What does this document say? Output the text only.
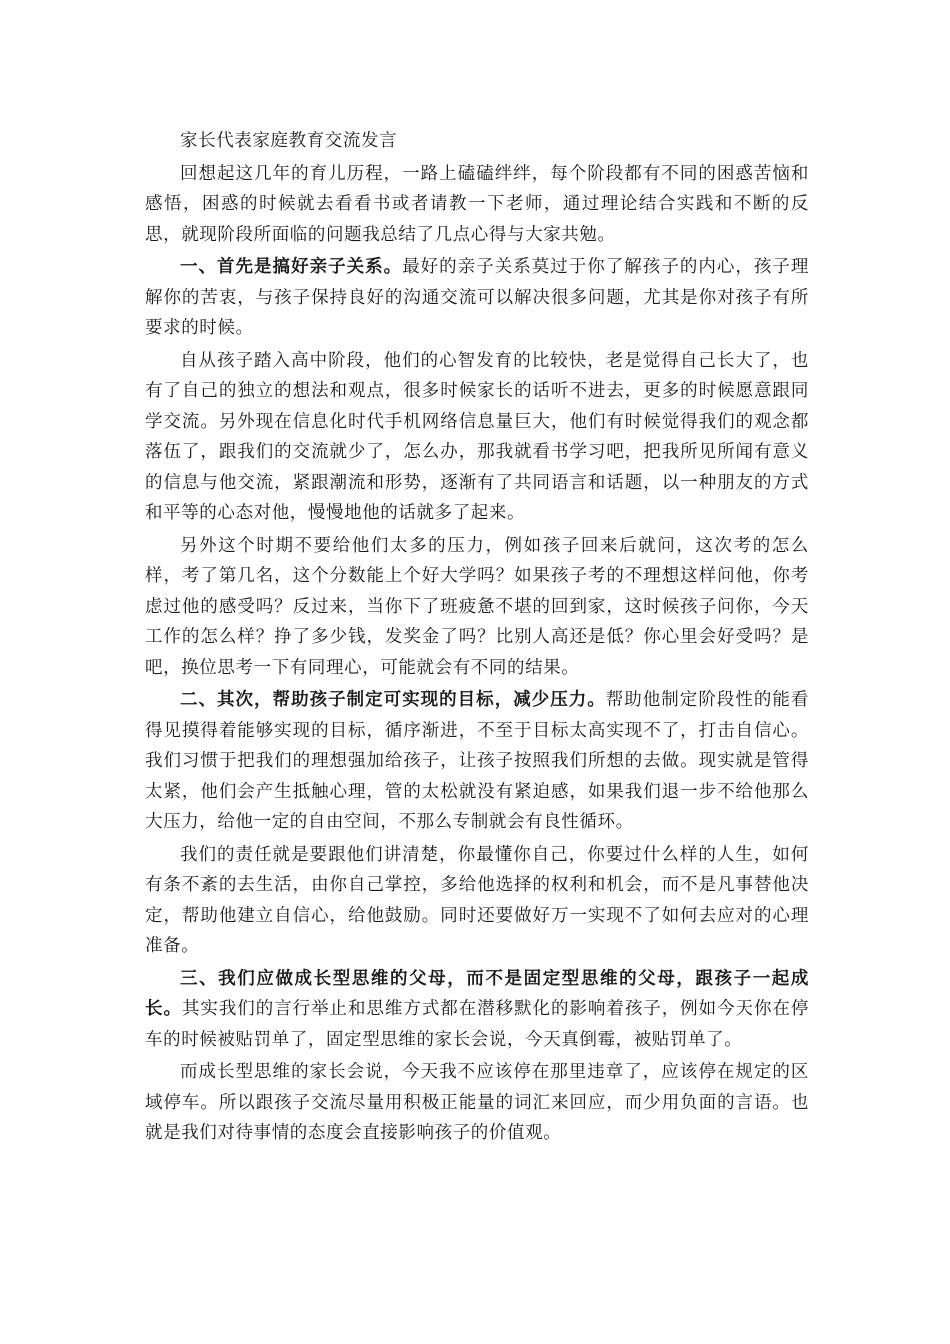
家长代表家庭教育交流发言

回想起这几年的育儿历程，一路上磕磕绊绊，每个阶段都有不同的困惑苦恼和感悟，困惑的时候就去看看书或者请教一下老师，通过理论结合实践和不断的反思，就现阶段所面临的问题我总结了几点心得与大家共勉。

一、首先是搞好亲子关系。最好的亲子关系莫过于你了解孩子的内心，孩子理解你的苦衷，与孩子保持良好的沟通交流可以解决很多问题，尤其是你对孩子有所要求的时候。

自从孩子踏入高中阶段，他们的心智发育的比较快，老是觉得自己长大了，也有了自己的独立的想法和观点，很多时候家长的话听不进去，更多的时候愿意跟同学交流。另外现在信息化时代手机网络信息量巨大，他们有时候觉得我们的观念都落伍了，跟我们的交流就少了，怎么办，那我就看书学习吧，把我所见所闻有意义的信息与他交流，紧跟潮流和形势，逐渐有了共同语言和话题，以一种朋友的方式和平等的心态对他，慢慢地他的话就多了起来。

另外这个时期不要给他们太多的压力，例如孩子回来后就问，这次考的怎么样，考了第几名，这个分数能上个好大学吗？如果孩子考的不理想这样问他，你考虑过他的感受吗？反过来，当你下了班疲惫不堪的回到家，这时候孩子问你，今天工作的怎么样？挣了多少钱，发奖金了吗？比别人高还是低？你心里会好受吗？是吧，换位思考一下有同理心，可能就会有不同的结果。

二、其次，帮助孩子制定可实现的目标，减少压力。帮助他制定阶段性的能看得见摸得着能够实现的目标，循序渐进，不至于目标太高实现不了，打击自信心。我们习惯于把我们的理想强加给孩子，让孩子按照我们所想的去做。现实就是管得太紧，他们会产生抵触心理，管的太松就没有紧迫感，如果我们退一步不给他那么大压力，给他一定的自由空间，不那么专制就会有良性循环。

我们的责任就是要跟他们讲清楚，你最懂你自己，你要过什么样的人生，如何有条不紊的去生活，由你自己掌控，多给他选择的权利和机会，而不是凡事替他决定，帮助他建立自信心，给他鼓励。同时还要做好万一实现不了如何去应对的心理准备。

三、我们应做成长型思维的父母，而不是固定型思维的父母，跟孩子一起成长。其实我们的言行举止和思维方式都在潜移默化的影响着孩子，例如今天你在停车的时候被贴罚单了，固定型思维的家长会说，今天真倒霉，被贴罚单了。

而成长型思维的家长会说，今天我不应该停在那里违章了，应该停在规定的区域停车。所以跟孩子交流尽量用积极正能量的词汇来回应，而少用负面的言语。也就是我们对待事情的态度会直接影响孩子的价值观。
